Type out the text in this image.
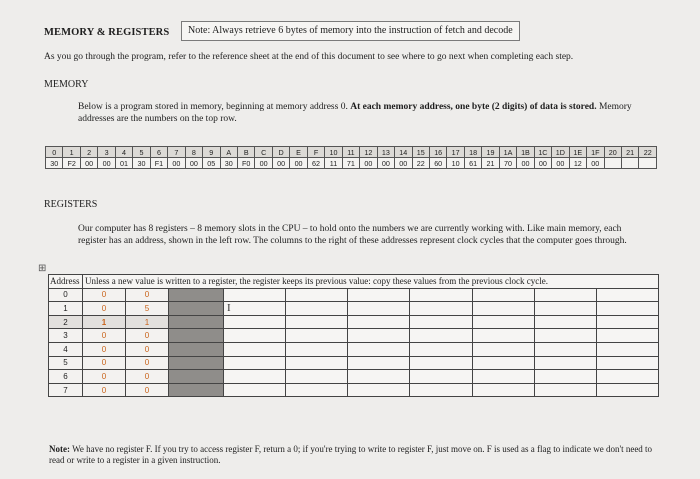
MEMORY & REGISTERS	Note: Always retrieve 6 bytes of memory into the instruction of fetch and decode
As you go through the program, refer to the reference sheet at the end of this document to see where to go next when completing each step.
MEMORY
Below is a program stored in memory, beginning at memory address 0. At each memory address, one byte (2 digits) of data is stored. Memory addresses are the numbers on the top row.
0	1	2	3	4	5	6	7	8	9	A	B	C	D	E	F	10	11	12	13	14	15	16	17	18	19	1A	1B	1C	1D	1E	1F	20	21	22
30	F2	00	00	01	30	F1	00	00	05	30	F0	00	00	00	62	11	71	00	00	00	22	60	10	61	21	70	00	00	00	12	00			
REGISTERS
Our computer has 8 registers – 8 memory slots in the CPU – to hold onto the numbers we are currently working with. Like main memory, each register has an address, shown in the left row. The columns to the right of these addresses represent clock cycles that the computer goes through.
⊞
Address	Unless a new value is written to a register, the register keeps its previous value: copy these values from the previous clock cycle.									
0	0	0								
1	0	5								
2	1	1								
3	0	0								
4	0	0								
5	0	0								
6	0	0								
7	0	0								
I
Note: We have no register F. If you try to access register F, return a 0; if you're trying to write to register F, just move on. F is used as a flag to indicate we don't need to read or write to a register in a given instruction.
